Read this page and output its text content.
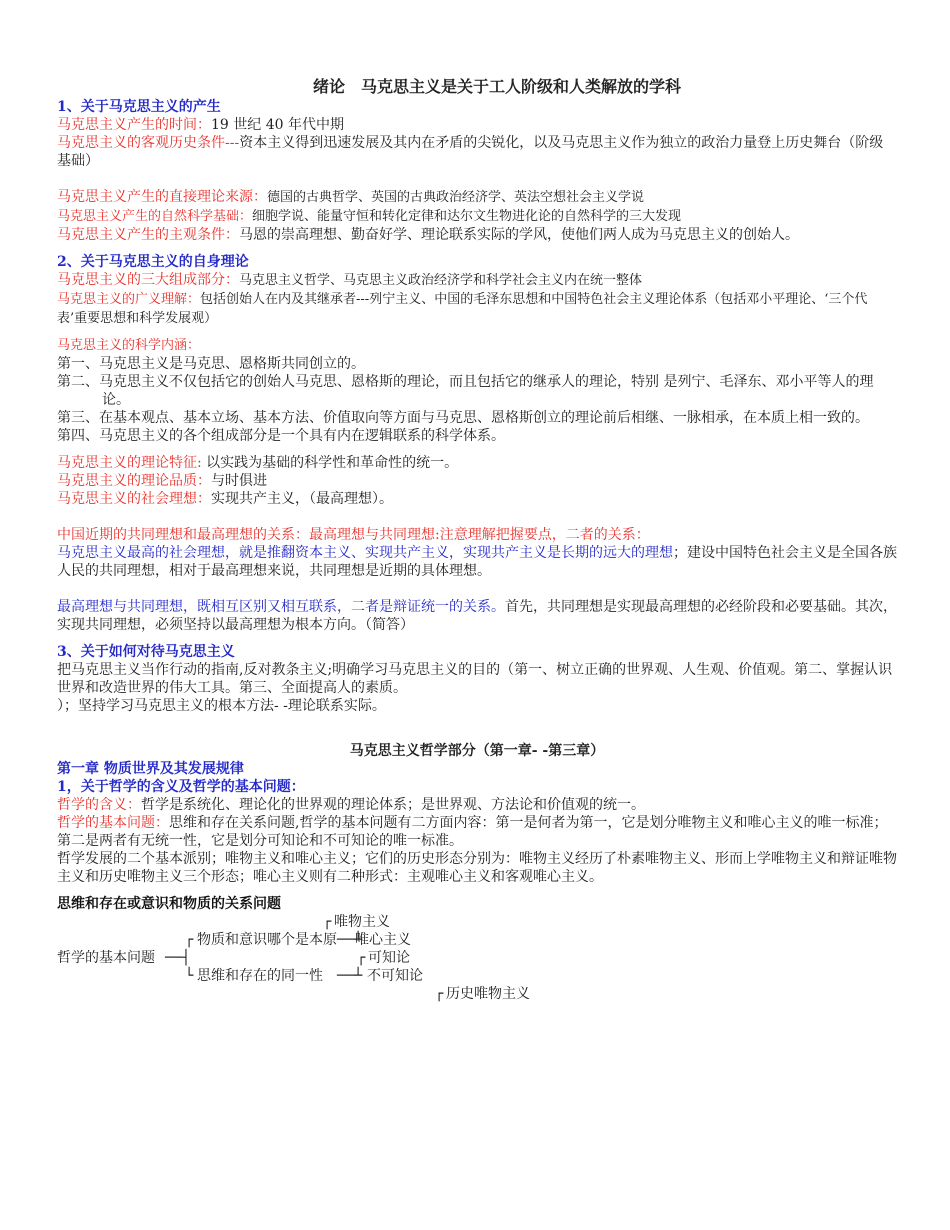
绪论　马克思主义是关于工人阶级和人类解放的学科
1、关于马克思主义的产生
马克思主义产生的时间：19 世纪 40 年代中期
马克思主义的客观历史条件---资本主义得到迅速发展及其内在矛盾的尖锐化，以及马克思主义作为独立的政治力量登上历史舞台（阶级基础）
马克思主义产生的直接理论来源：德国的古典哲学、英国的古典政治经济学、英法空想社会主义学说
马克思主义产生的自然科学基础：细胞学说、能量守恒和转化定律和达尔文生物进化论的自然科学的三大发现
马克思主义产生的主观条件：马恩的崇高理想、勤奋好学、理论联系实际的学风，使他们两人成为马克思主义的创始人。
2、关于马克思主义的自身理论
马克思主义的三大组成部分：马克思主义哲学、马克思主义政治经济学和科学社会主义内在统一整体
马克思主义的广义理解：包括创始人在内及其继承者---列宁主义、中国的毛泽东思想和中国特色社会主义理论体系（包括邓小平理论、‘三个代表’重要思想和科学发展观）
马克思主义的科学内涵：
第一、马克思主义是马克思、恩格斯共同创立的。
第二、马克思主义不仅包括它的创始人马克思、恩格斯的理论，而且包括它的继承人的理论，特别 是列宁、毛泽东、邓小平等人的理论。
第三、在基本观点、基本立场、基本方法、价值取向等方面与马克思、恩格斯创立的理论前后相继、一脉相承，在本质上相一致的。
第四、马克思主义的各个组成部分是一个具有内在逻辑联系的科学体系。
马克思主义的理论特征: 以实践为基础的科学性和革命性的统一。
马克思主义的理论品质：与时俱进
马克思主义的社会理想：实现共产主义，（最高理想）。
中国近期的共同理想和最高理想的关系：最高理想与共同理想:注意理解把握要点，二者的关系：
马克思主义最高的社会理想，就是推翻资本主义、实现共产主义，实现共产主义是长期的远大的理想；建设中国特色社会主义是全国各族人民的共同理想，相对于最高理想来说，共同理想是近期的具体理想。
最高理想与共同理想，既相互区别又相互联系，二者是辩证统一的关系。首先，共同理想是实现最高理想的必经阶段和必要基础。其次，实现共同理想，必须坚持以最高理想为根本方向。（简答）
3、关于如何对待马克思主义
把马克思主义当作行动的指南,反对教条主义;明确学习马克思主义的目的（第一、树立正确的世界观、人生观、价值观。第二、掌握认识世界和改造世界的伟大工具。第三、全面提高人的素质。
）；坚持学习马克思主义的根本方法- -理论联系实际。
马克思主义哲学部分（第一章- -第三章）
第一章 物质世界及其发展规律
1，关于哲学的含义及哲学的基本问题：
哲学的含义：哲学是系统化、理论化的世界观的理论体系；是世界观、方法论和价值观的统一。
哲学的基本问题：思维和存在关系问题,哲学的基本问题有二方面内容：第一是何者为第一，它是划分唯物主义和唯心主义的唯一标准；第二是两者有无统一性，它是划分可知论和不可知论的唯一标准。
哲学发展的二个基本派别；唯物主义和唯心主义；它们的历史形态分别为：唯物主义经历了朴素唯物主义、形而上学唯物主义和辩证唯物主义和历史唯物主义三个形态；唯心主义则有二种形式：主观唯心主义和客观唯心主义。
思维和存在或意识和物质的关系问题
┌ 唯物主义
┌ 物质和意识哪个是本原 ──┴
唯心主义
哲学的基本问题 ──┤	┌ 可知论
└ 思维和存在的同一性 ──┴ 不可知论
┌ 历史唯物主义
